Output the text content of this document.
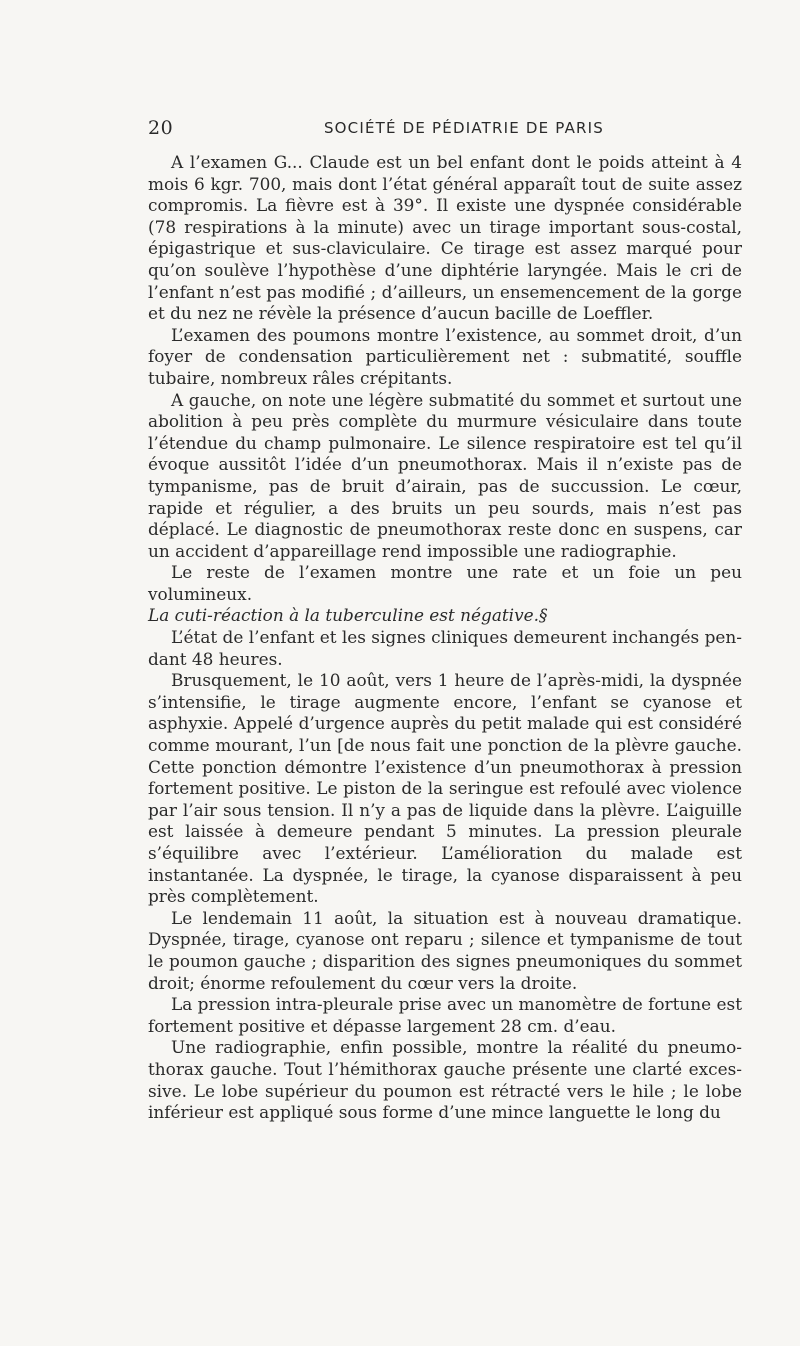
20	SOCIÉTÉ DE PÉDIATRIE DE PARIS

A l’examen G... Claude est un bel enfant dont le poids atteint à 4 mois 6 kgr. 700, mais dont l’état général apparaît tout de suite assez compromis. La fièvre est à 39°. Il existe une dyspnée considérable (78 respirations à la minute) avec un tirage important sous-costal, épigastrique et sus-claviculaire. Ce tirage est assez marqué pour qu’on soulève l’hypothèse d’une diphtérie laryngée. Mais le cri de l’enfant n’est pas modifié ; d’ailleurs, un ensemencement de la gorge et du nez ne révèle la présence d’aucun bacille de Loeffler.

L’examen des poumons montre l’existence, au sommet droit, d’un foyer de condensation particulièrement net : submatité, souffle tubaire, nombreux râles crépitants.

A gauche, on note une légère submatité du sommet et surtout une abolition à peu près complète du murmure vésiculaire dans toute l’étendue du champ pulmonaire. Le silence respiratoire est tel qu’il évoque aussitôt l’idée d’un pneumothorax. Mais il n’existe pas de tympanisme, pas de bruit d’airain, pas de succussion. Le cœur, rapide et régulier, a des bruits un peu sourds, mais n’est pas déplacé. Le diagnostic de pneumothorax reste donc en suspens, car un accident d’appareillage rend impossible une radiographie.

Le reste de l’examen montre une rate et un foie un peu volumineux.

La cuti-réaction à la tuberculine est négative.§

L’état de l’enfant et les signes cliniques demeurent inchangés pendant 48 heures.

Brusquement, le 10 août, vers 1 heure de l’après-midi, la dyspnée s’intensifie, le tirage augmente encore, l’enfant se cyanose et asphyxie. Appelé d’urgence auprès du petit malade qui est considéré comme mourant, l’un [de nous fait une ponction de la plèvre gauche. Cette ponction démontre l’existence d’un pneumothorax à pression fortement positive. Le piston de la seringue est refoulé avec violence par l’air sous tension. Il n’y a pas de liquide dans la plèvre. L’aiguille est laissée à demeure pendant 5 minutes. La pression pleurale s’équilibre avec l’extérieur. L’amélioration du malade est instantanée. La dyspnée, le tirage, la cyanose disparaissent à peu près complètement.

Le lendemain 11 août, la situation est à nouveau dramatique. Dyspnée, tirage, cyanose ont reparu ; silence et tympanisme de tout le poumon gauche ; disparition des signes pneumoniques du sommet droit; énorme refoulement du cœur vers la droite.

La pression intra-pleurale prise avec un manomètre de fortune est fortement positive et dépasse largement 28 cm. d’eau.

Une radiographie, enfin possible, montre la réalité du pneumothorax gauche. Tout l’hémithorax gauche présente une clarté excessive. Le lobe supérieur du poumon est rétracté vers le hile ; le lobe inférieur est appliqué sous forme d’une mince languette le long du
